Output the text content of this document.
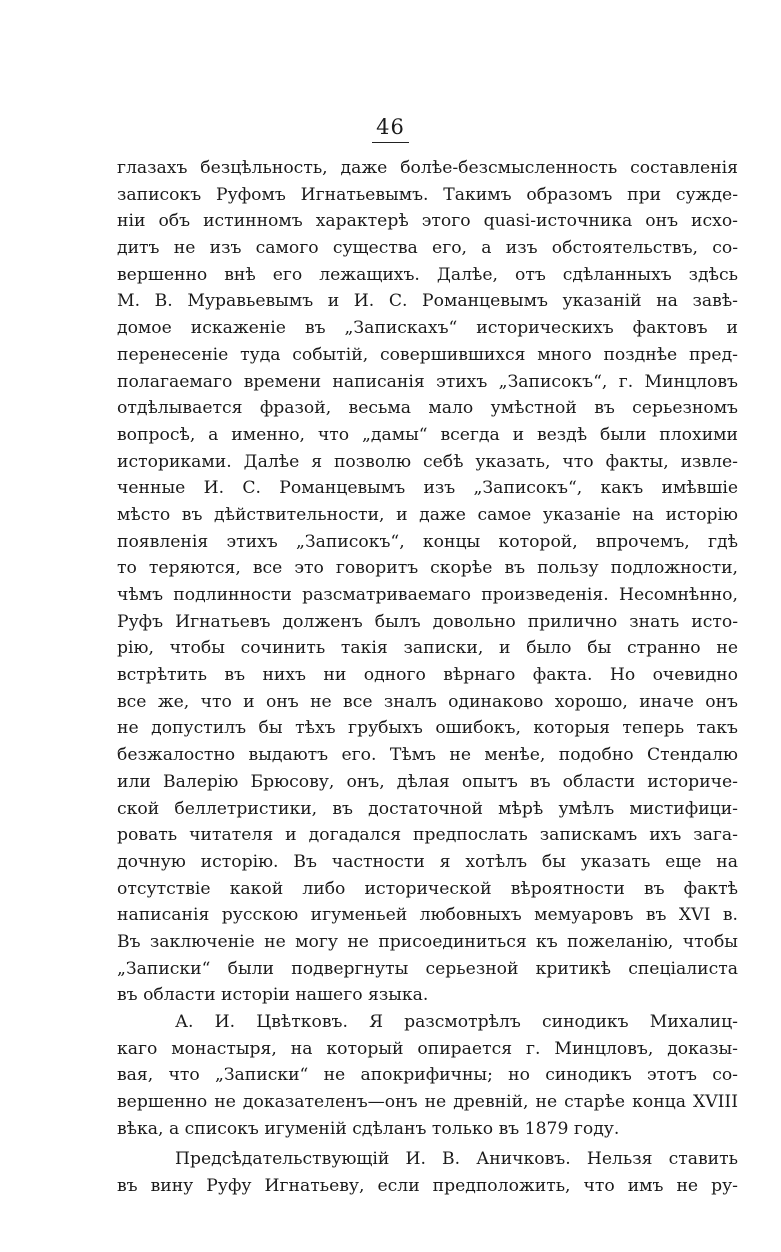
46
глазахъ безцѣльность, даже болѣе-безсмысленность составленія
записокъ Руфомъ Игнатьевымъ. Такимъ образомъ при сужде-
ніи объ истинномъ характерѣ этого quasi-источника онъ исхо-
дитъ не изъ самого существа его, а изъ обстоятельствъ, со-
вершенно внѣ его лежащихъ. Далѣе, отъ сдѣланныхъ здѣсь
М. В. Муравьевымъ и И. С. Романцевымъ указаній на завѣ-
домое искаженіе въ „Запискахъ“ историческихъ фактовъ и
перенесеніе туда событій, совершившихся много позднѣе пред-
полагаемаго времени написанія этихъ „Записокъ“, г. Минцловъ
отдѣлывается фразой, весьма мало умѣстной въ серьезномъ
вопросѣ, а именно, что „дамы“ всегда и вездѣ были плохими
историками. Далѣе я позволю себѣ указать, что факты, извле-
ченные И. С. Романцевымъ изъ „Записокъ“, какъ имѣвшіе
мѣсто въ дѣйствительности, и даже самое указаніе на исторію
появленія этихъ „Записокъ“, концы которой, впрочемъ, гдѣ
то теряются, все это говоритъ скорѣе въ пользу подложности,
чѣмъ подлинности разсматриваемаго произведенія. Несомнѣнно,
Руфъ Игнатьевъ долженъ былъ довольно прилично знать исто-
рію, чтобы сочинить такія записки, и было бы странно не
встрѣтить въ нихъ ни одного вѣрнаго факта. Но очевидно
все же, что и онъ не все зналъ одинаково хорошо, иначе онъ
не допустилъ бы тѣхъ грубыхъ ошибокъ, которыя теперь такъ
безжалостно выдаютъ его. Тѣмъ не менѣе, подобно Стендалю
или Валерію Брюсову, онъ, дѣлая опытъ въ области историче-
ской беллетристики, въ достаточной мѣрѣ умѣлъ мистифици-
ровать читателя и догадался предпослать запискамъ ихъ зага-
дочную исторію. Въ частности я хотѣлъ бы указать еще на
отсутствіе какой либо исторической вѣроятности въ фактѣ
написанія русскою игуменьей любовныхъ мемуаровъ въ XVI в.
Въ заключеніе не могу не присоединиться къ пожеланію, чтобы
„Записки“ были подвергнуты серьезной критикѣ спеціалиста
въ области исторіи нашего языка.
А. И. Цвѣтковъ. Я разсмотрѣлъ синодикъ Михалиц-
каго монастыря, на который опирается г. Минцловъ, доказы-
вая, что „Записки“ не апокрифичны; но синодикъ этотъ со-
вершенно не доказателенъ—онъ не древній, не старѣе конца XVIII
вѣка, а списокъ игуменій сдѣланъ только въ 1879 году.
Предсѣдательствующій И. В. Аничковъ. Нельзя ставить
въ вину Руфу Игнатьеву, если предположить, что имъ не ру-
